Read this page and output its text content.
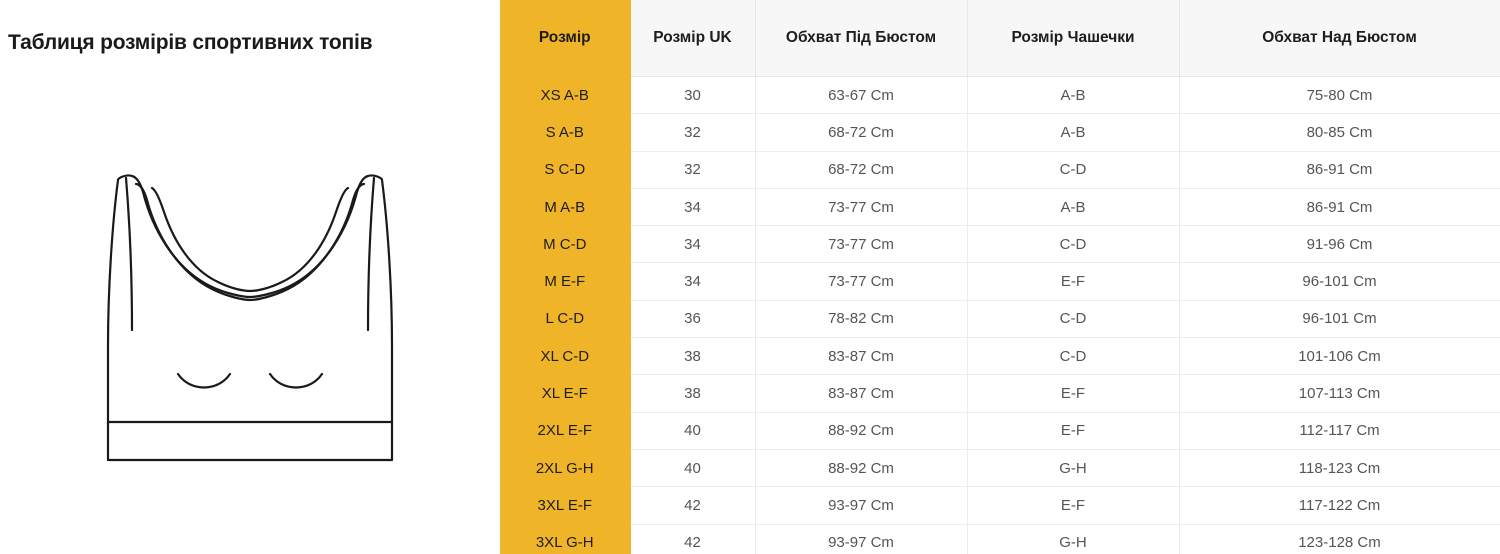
Таблиця розмірів спортивних топів	Розмір	Розмір UK	Обхват Під Бюстом	Розмір Чашечки	Обхват Над Бюстом
XS A-B	30	63-67 Cm	A-B	75-80 Cm
S A-B	32	68-72 Cm	A-B	80-85 Cm
S C-D	32	68-72 Cm	C-D	86-91 Cm
M A-B	34	73-77 Cm	A-B	86-91 Cm
M C-D	34	73-77 Cm	C-D	91-96 Cm
M E-F	34	73-77 Cm	E-F	96-101 Cm
L C-D	36	78-82 Cm	C-D	96-101 Cm
XL C-D	38	83-87 Cm	C-D	101-106 Cm
XL E-F	38	83-87 Cm	E-F	107-113 Cm
2XL E-F	40	88-92 Cm	E-F	112-117 Cm
2XL G-H	40	88-92 Cm	G-H	118-123 Cm
3XL E-F	42	93-97 Cm	E-F	117-122 Cm
3XL G-H	42	93-97 Cm	G-H	123-128 Cm
